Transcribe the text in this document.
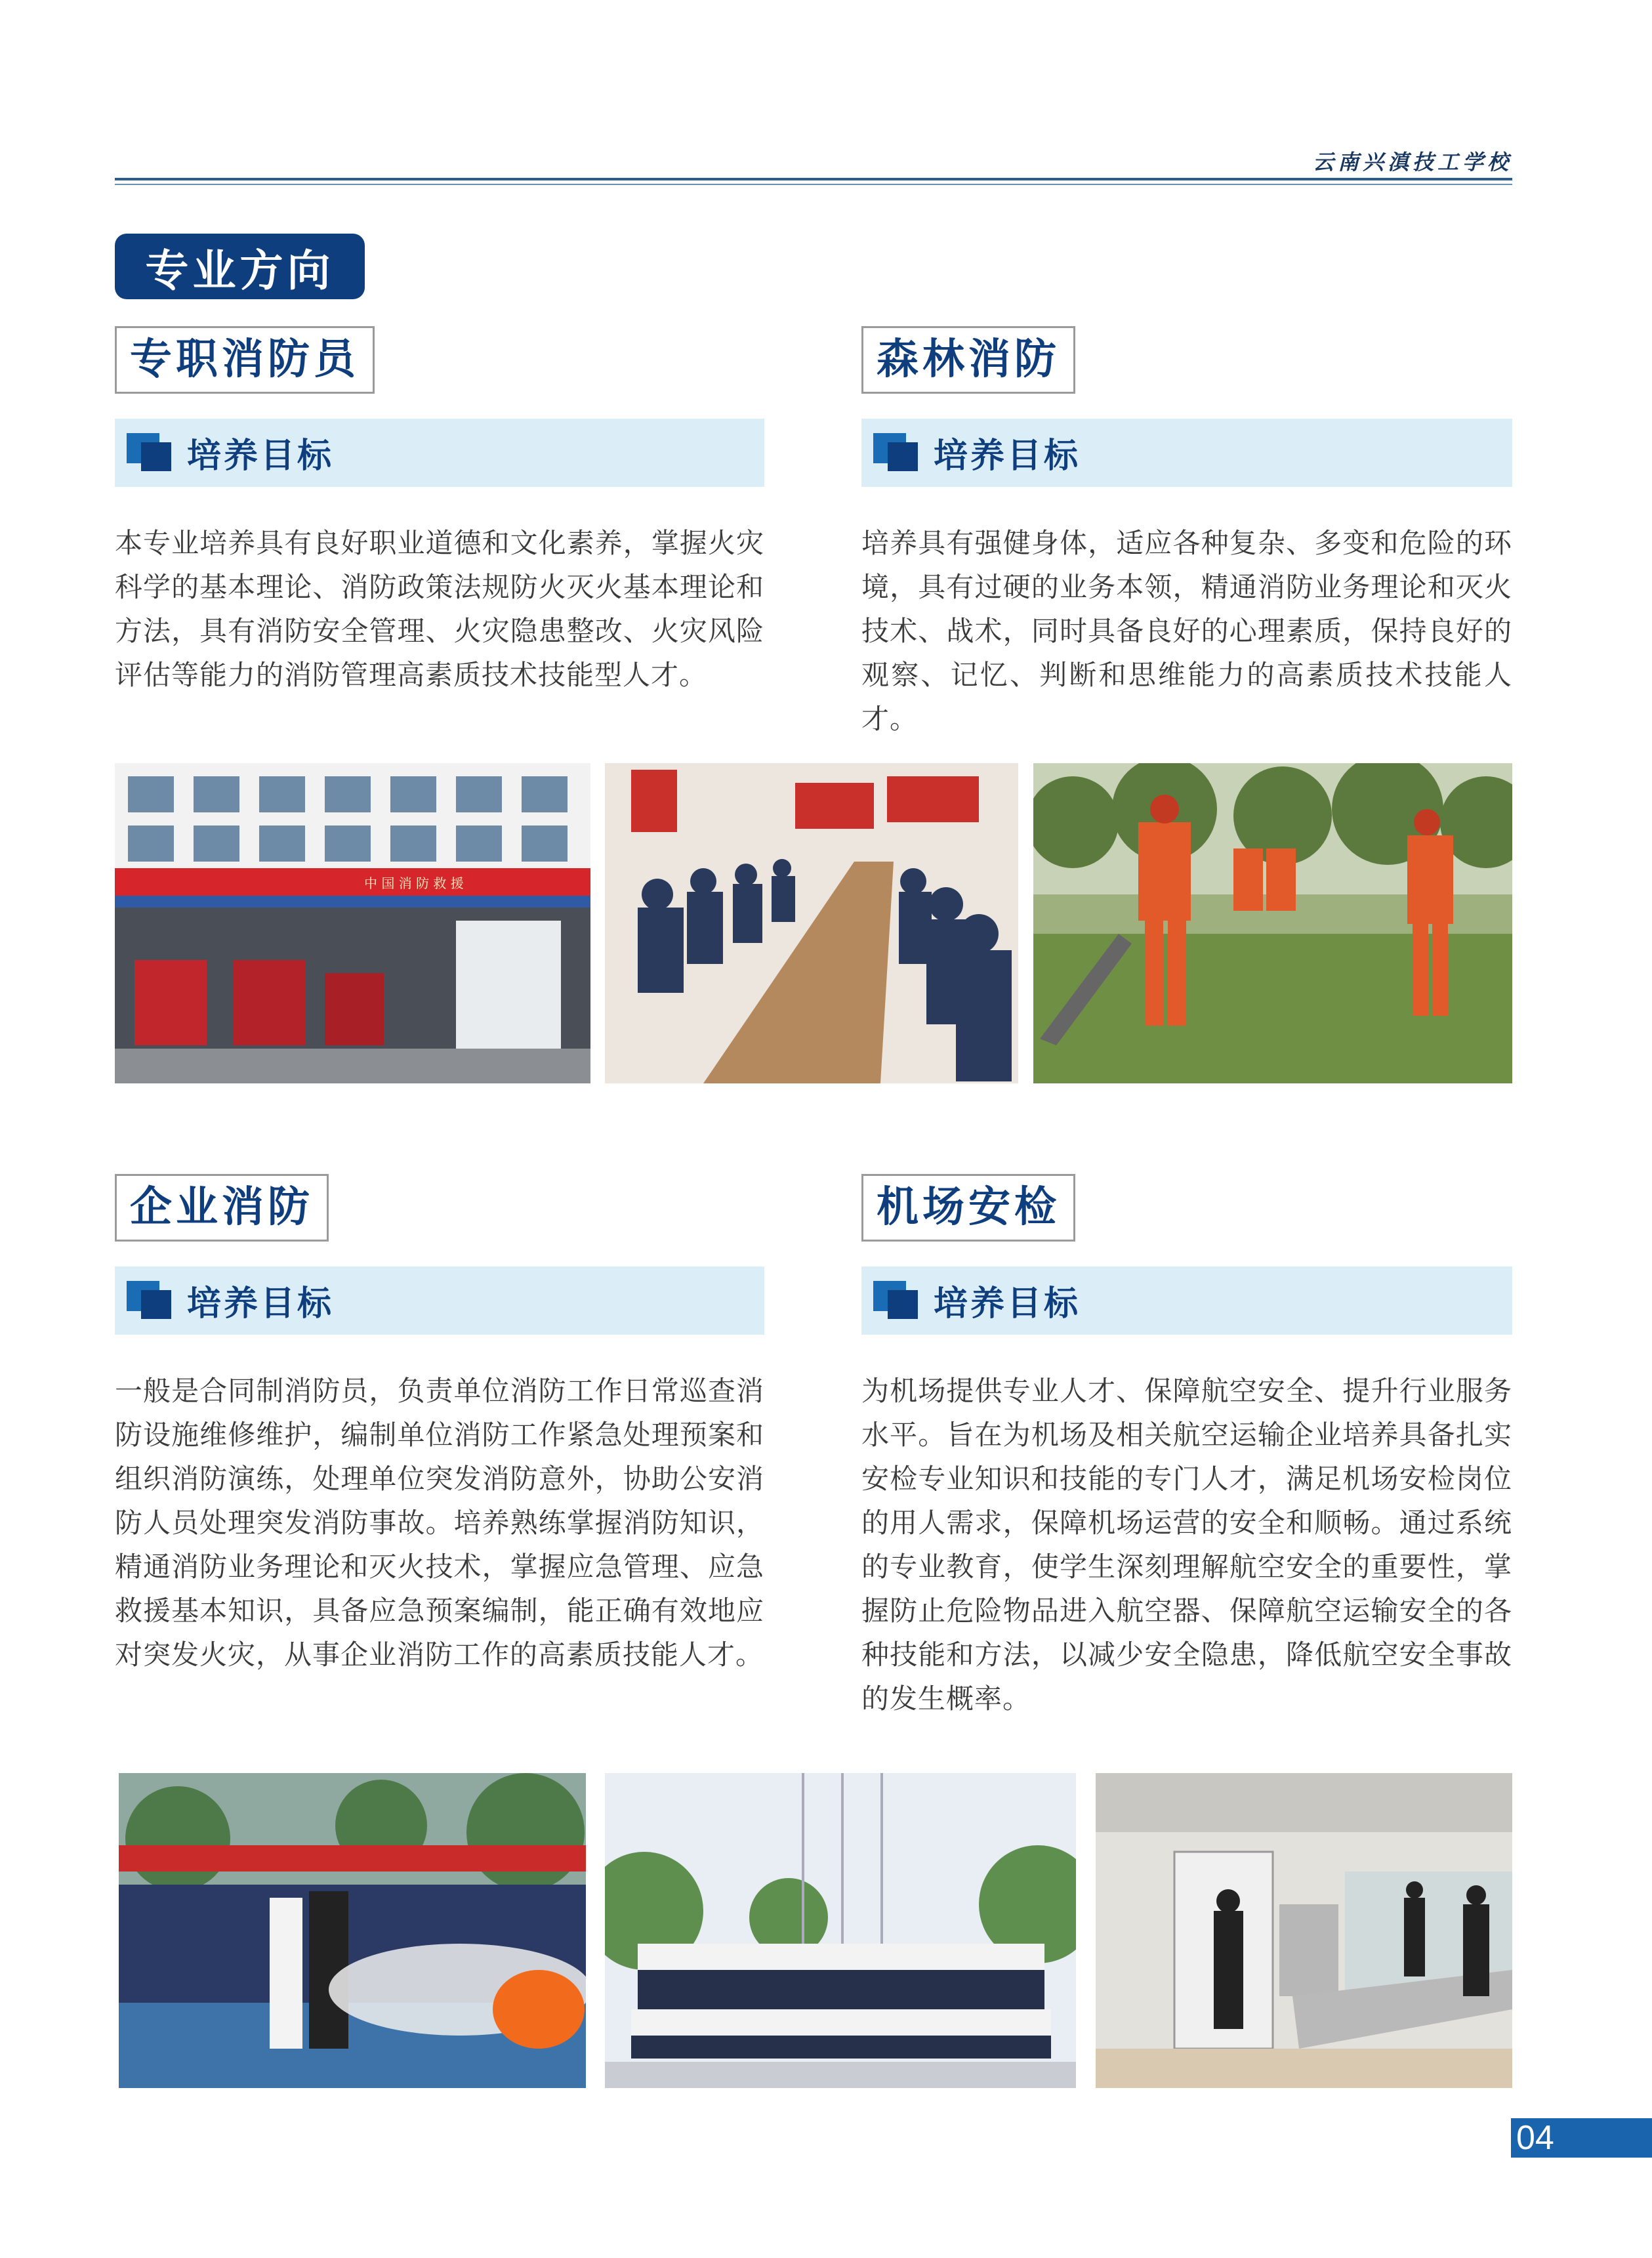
云南兴滇技工学校
专业方向
专职消防员
培养目标
本专业培养具有良好职业道德和文化素养，掌握火灾科学的基本理论、消防政策法规防火灭火基本理论和方法，具有消防安全管理、火灾隐患整改、火灾风险评估等能力的消防管理高素质技术技能型人才。
森林消防
培养目标
培养具有强健身体，适应各种复杂、多变和危险的环境，具有过硬的业务本领，精通消防业务理论和灭火技术、战术，同时具备良好的心理素质，保持良好的观察、记忆、判断和思维能力的高素质技术技能人才。
中 国 消 防 救 援
企业消防
培养目标
一般是合同制消防员，负责单位消防工作日常巡查消防设施维修维护，编制单位消防工作紧急处理预案和组织消防演练，处理单位突发消防意外，协助公安消防人员处理突发消防事故。培养熟练掌握消防知识，精通消防业务理论和灭火技术，掌握应急管理、应急救援基本知识，具备应急预案编制，能正确有效地应对突发火灾，从事企业消防工作的高素质技能人才。
机场安检
培养目标
为机场提供专业人才、保障航空安全、提升行业服务水平。旨在为机场及相关航空运输企业培养具备扎实安检专业知识和技能的专门人才，满足机场安检岗位的用人需求，保障机场运营的安全和顺畅。通过系统的专业教育，使学生深刻理解航空安全的重要性，掌握防止危险物品进入航空器、保障航空运输安全的各种技能和方法，以减少安全隐患，降低航空安全事故的发生概率。
04
